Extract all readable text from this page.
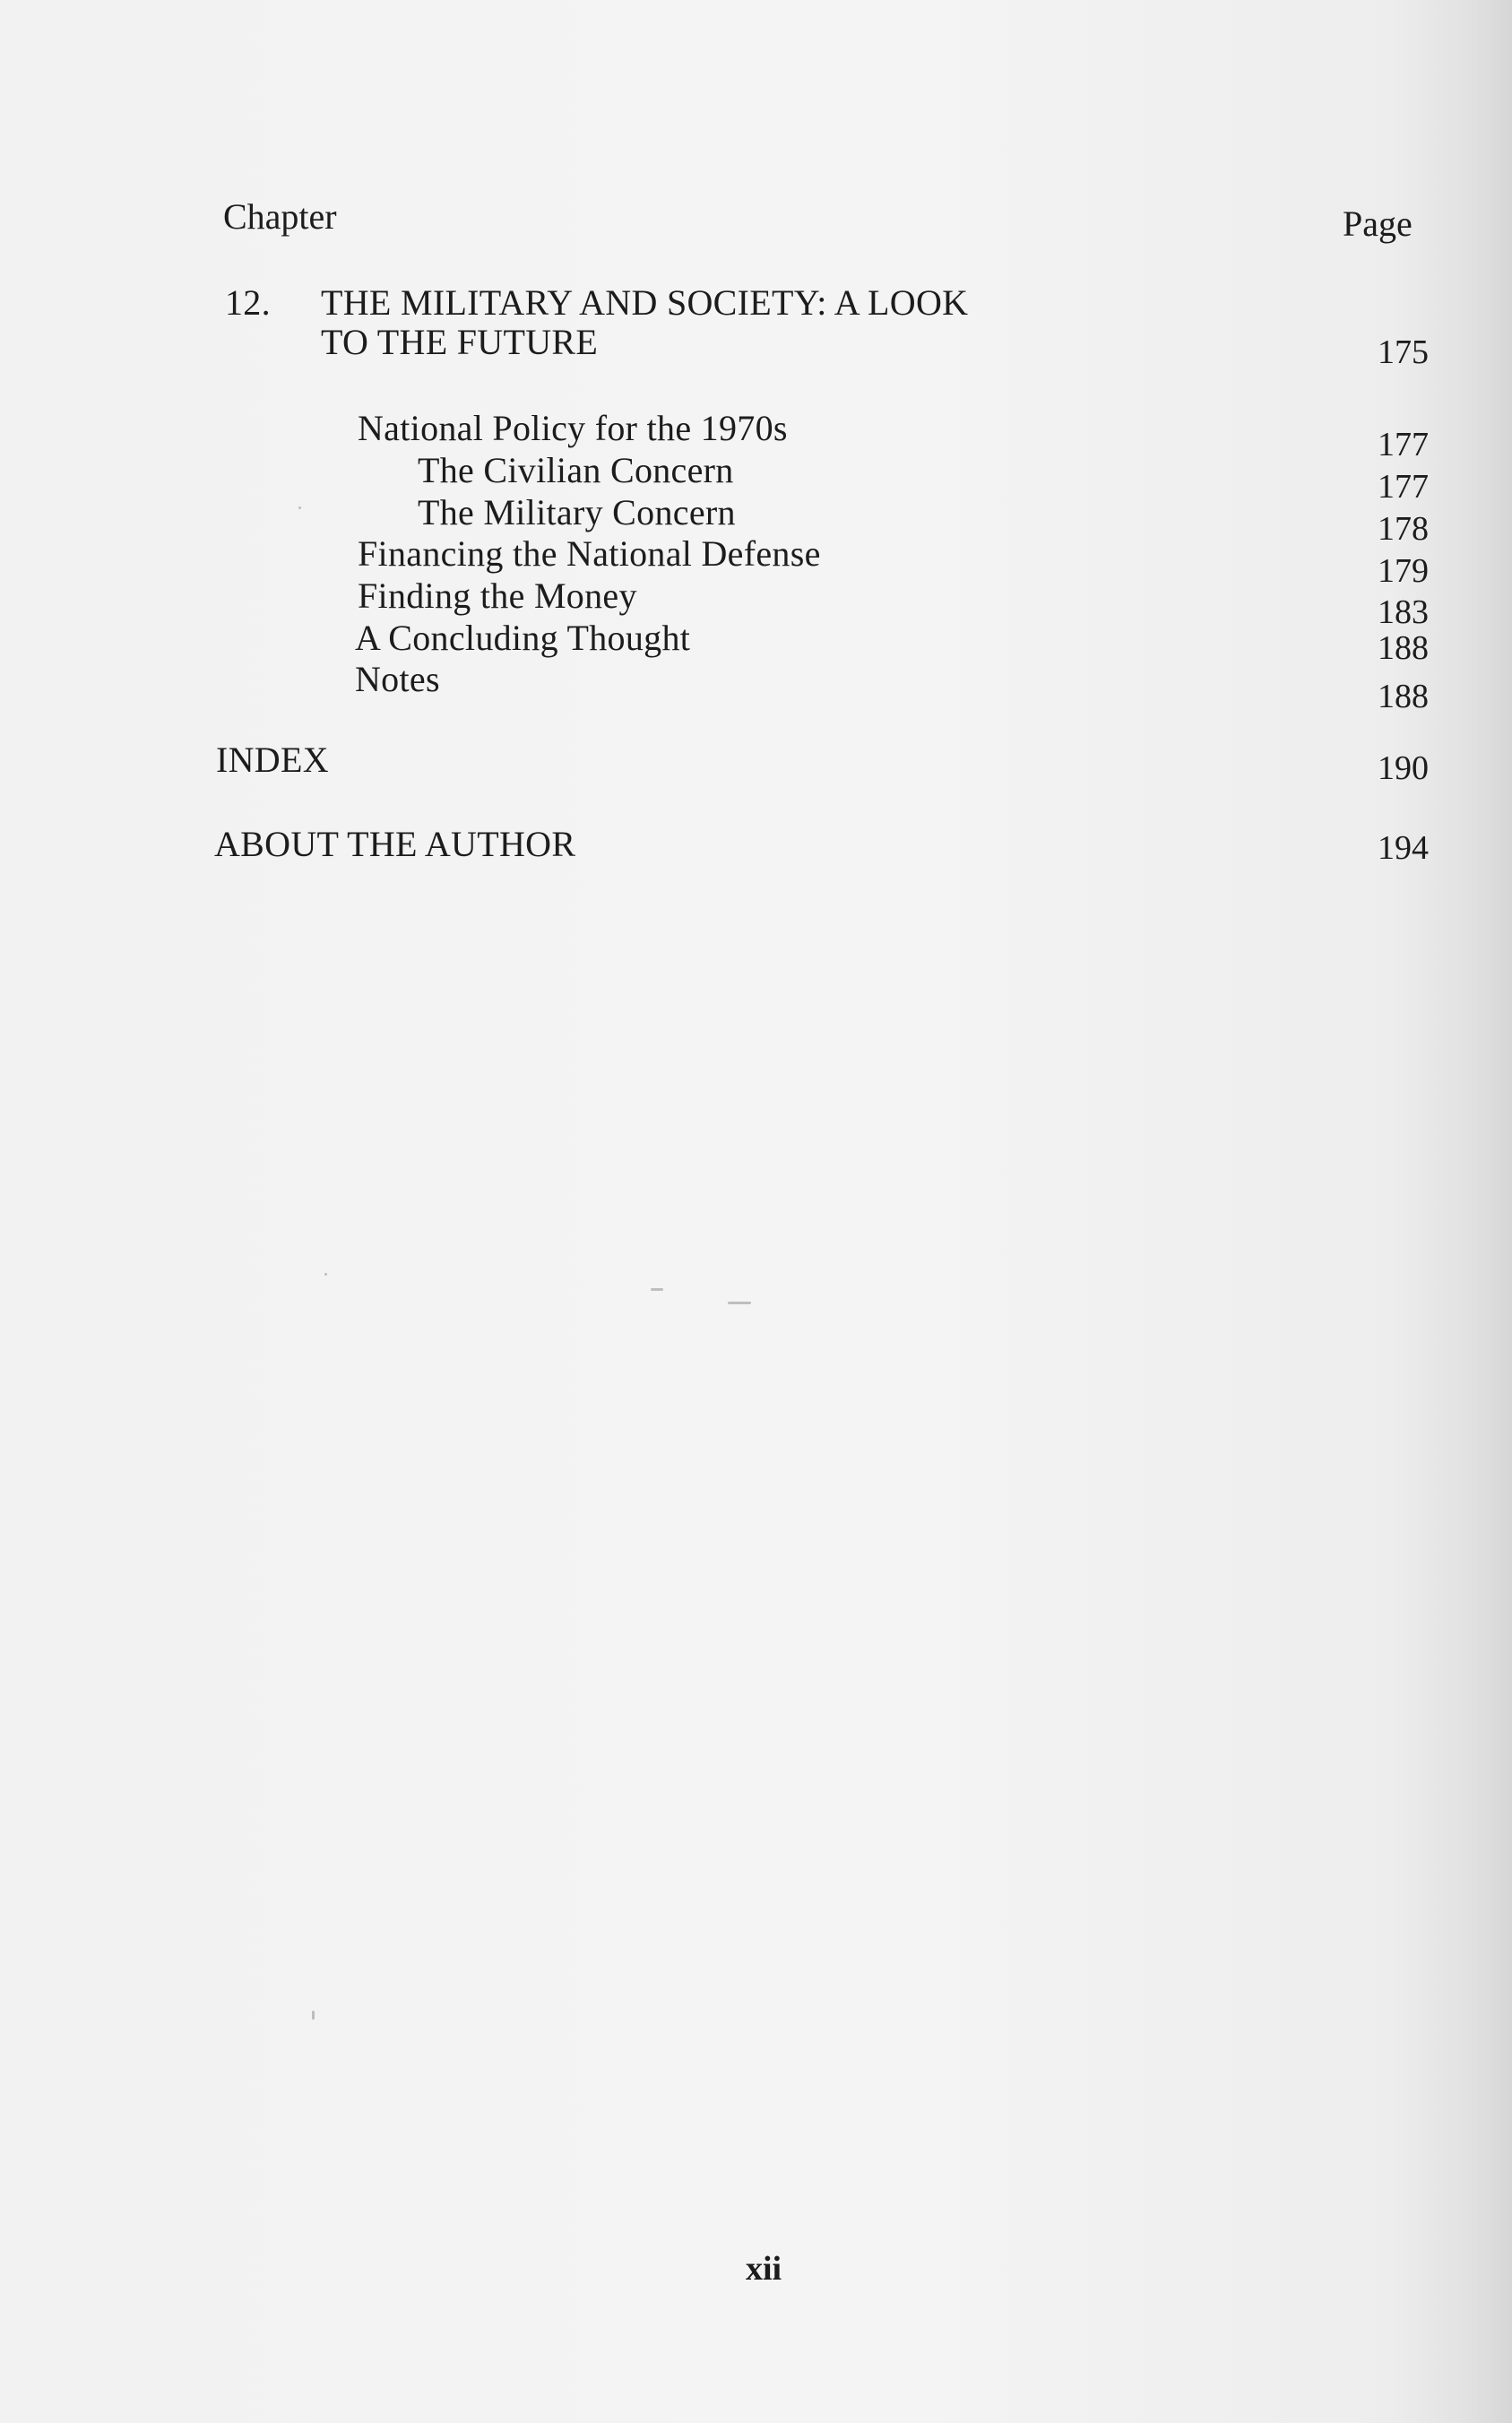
Chapter	Page
12. THE MILITARY AND SOCIETY: A LOOK
TO THE FUTURE	175
National Policy for the 1970s	177
The Civilian Concern	177
The Military Concern	178
Financing the National Defense	179
Finding the Money	183
A Concluding Thought	188
Notes	188
INDEX	190
ABOUT THE AUTHOR	194
xii
